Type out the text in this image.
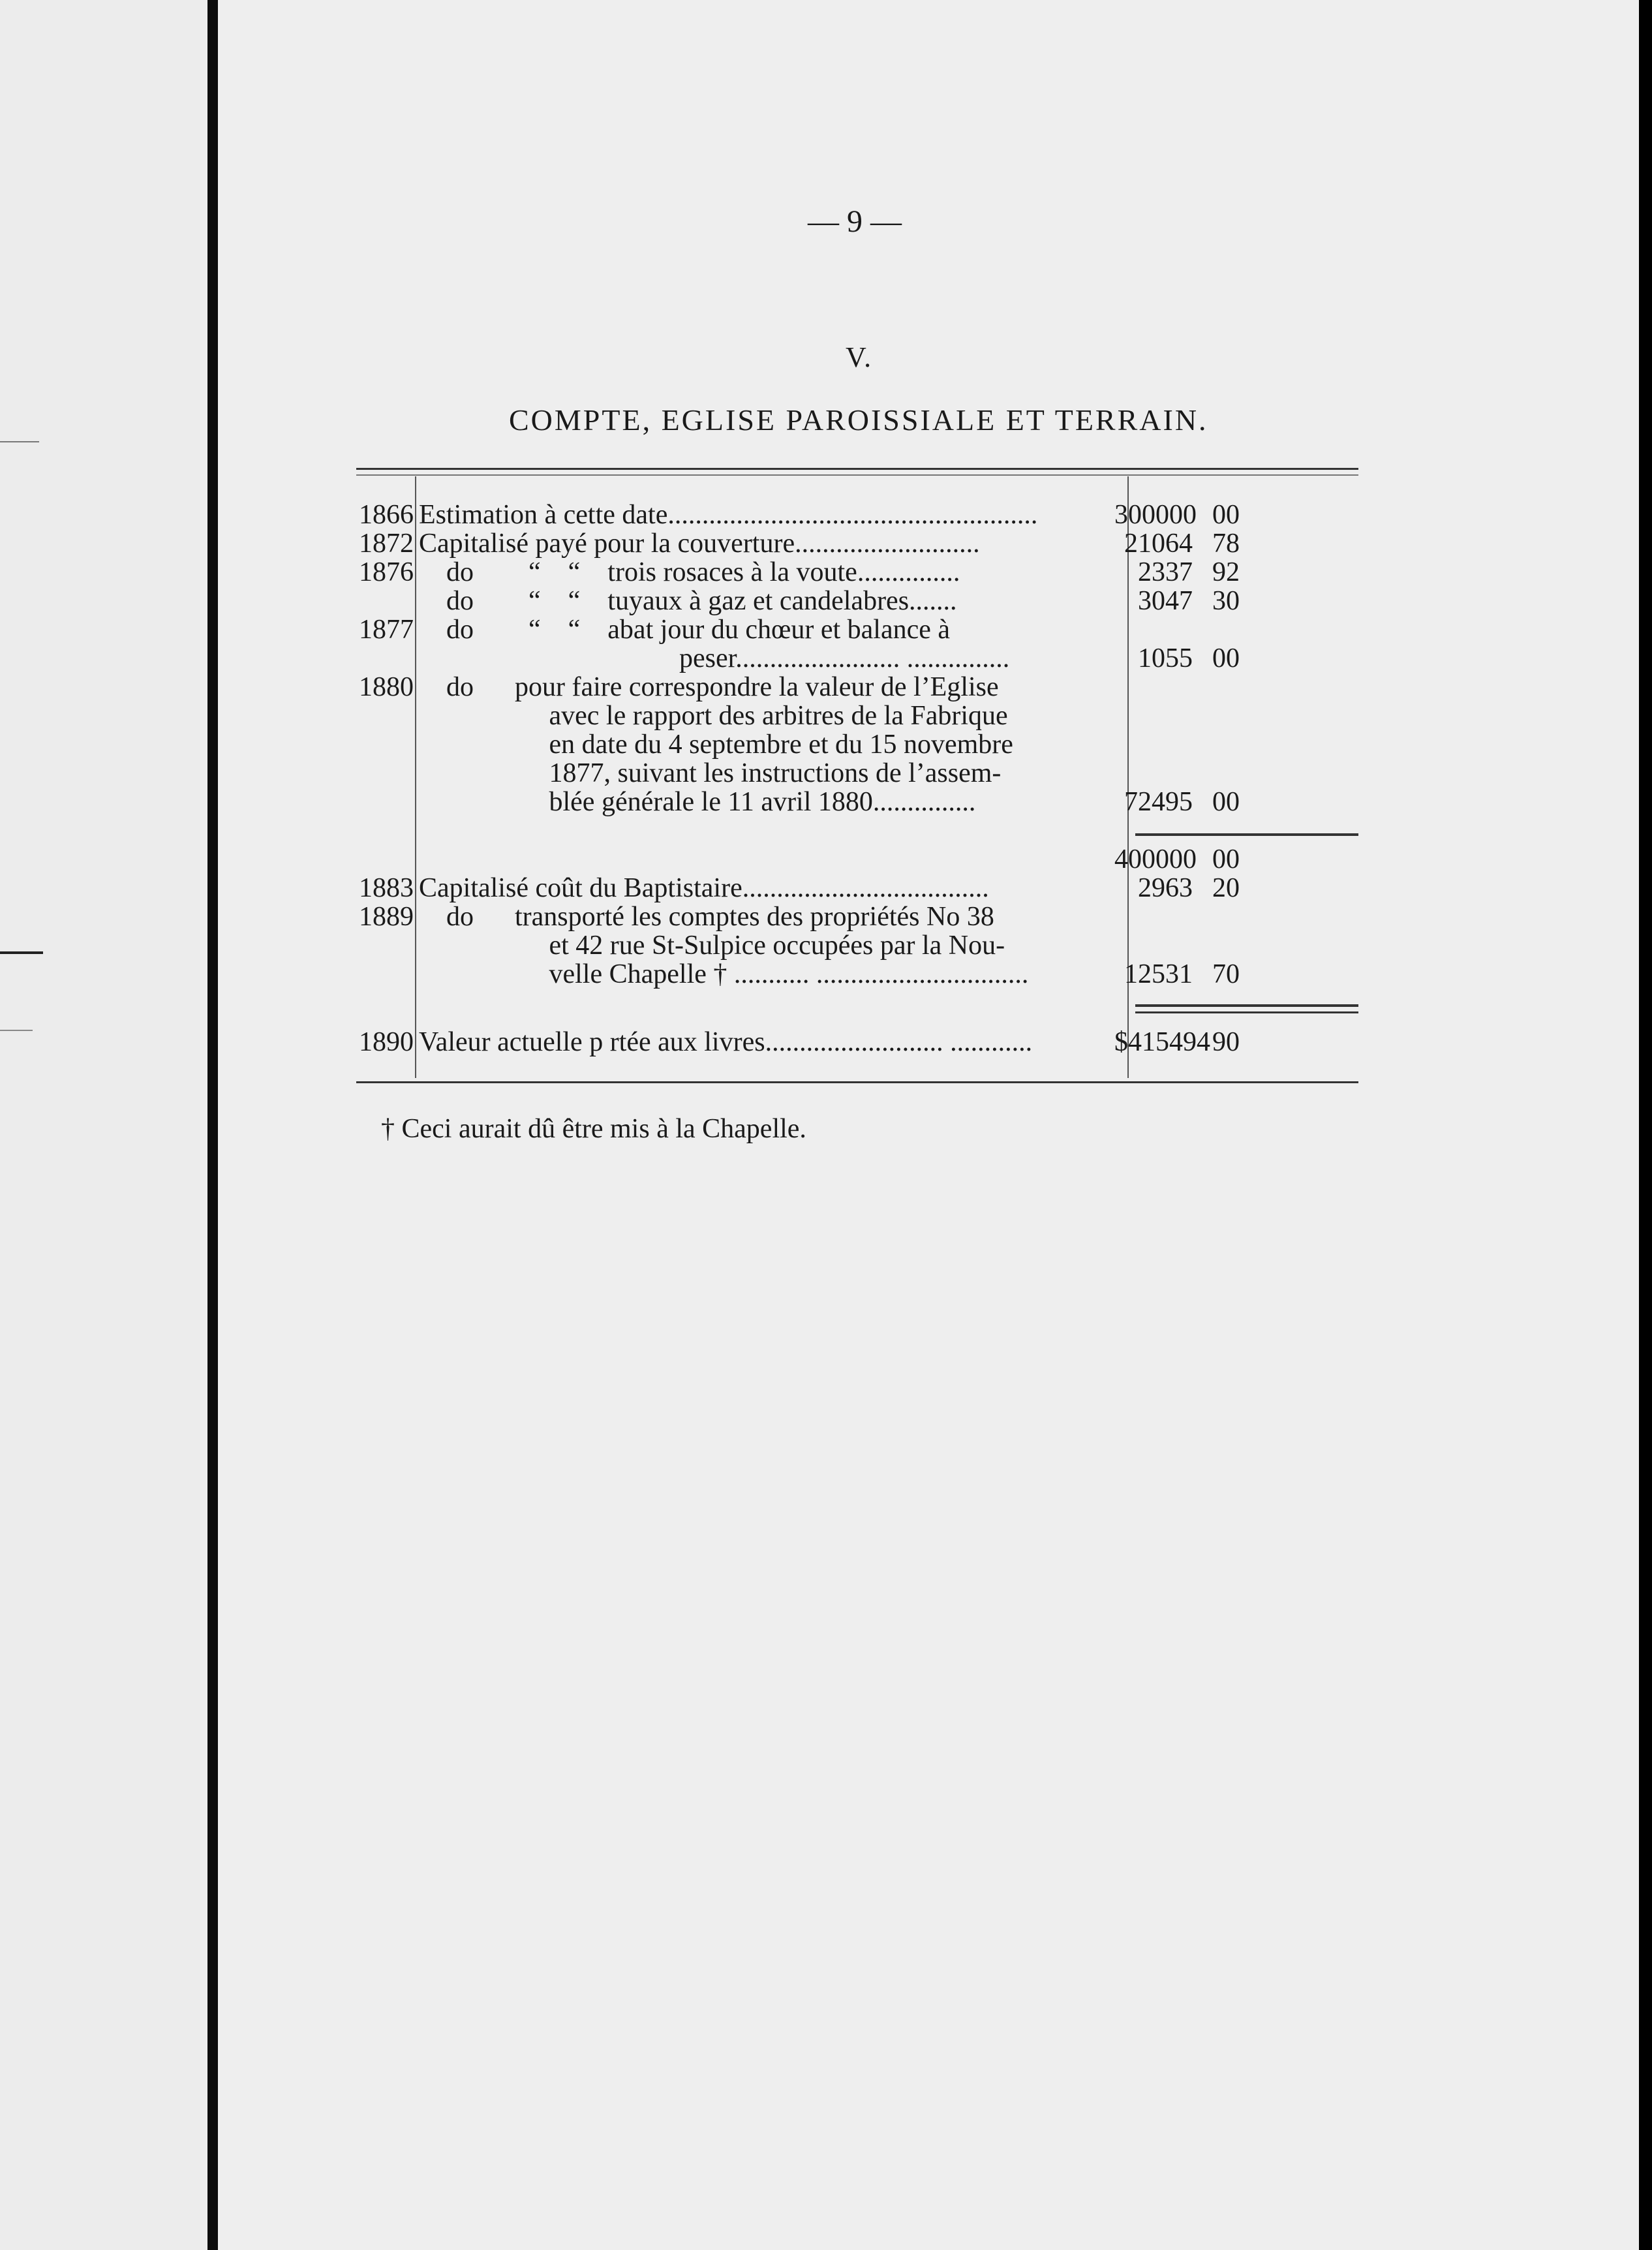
— 9 —
V.
COMPTE, EGLISE PAROISSIALE ET TERRAIN.
1866 Estimation à cette date......................................................	300000 00
1872 Capitalisé payé pour la couverture...........................	21064 78
1876 do        “    “    trois rosaces à la voute...............	2337 92
do        “    “    tuyaux à gaz et candelabres.......	3047 30
1877 do        “    “    abat jour du chœur et balance à
peser........................ ...............	1055 00
1880 do      pour faire correspondre la valeur de l’Eglise
avec le rapport des arbitres de la Fabrique
en date du 4 septembre et du 15 novembre
1877, suivant les instructions de l’assem-
blée générale le 11 avril 1880...............	72495 00
400000 00
1883 Capitalisé coût du Baptistaire....................................	2963 20
1889 do      transporté les comptes des propriétés No 38
et 42 rue St-Sulpice occupées par la Nou-
velle Chapelle † ........... ...............................	12531 70
1890 Valeur actuelle p rtée aux livres.......................... ............	$415494 90
† Ceci aurait dû être mis à la Chapelle.
